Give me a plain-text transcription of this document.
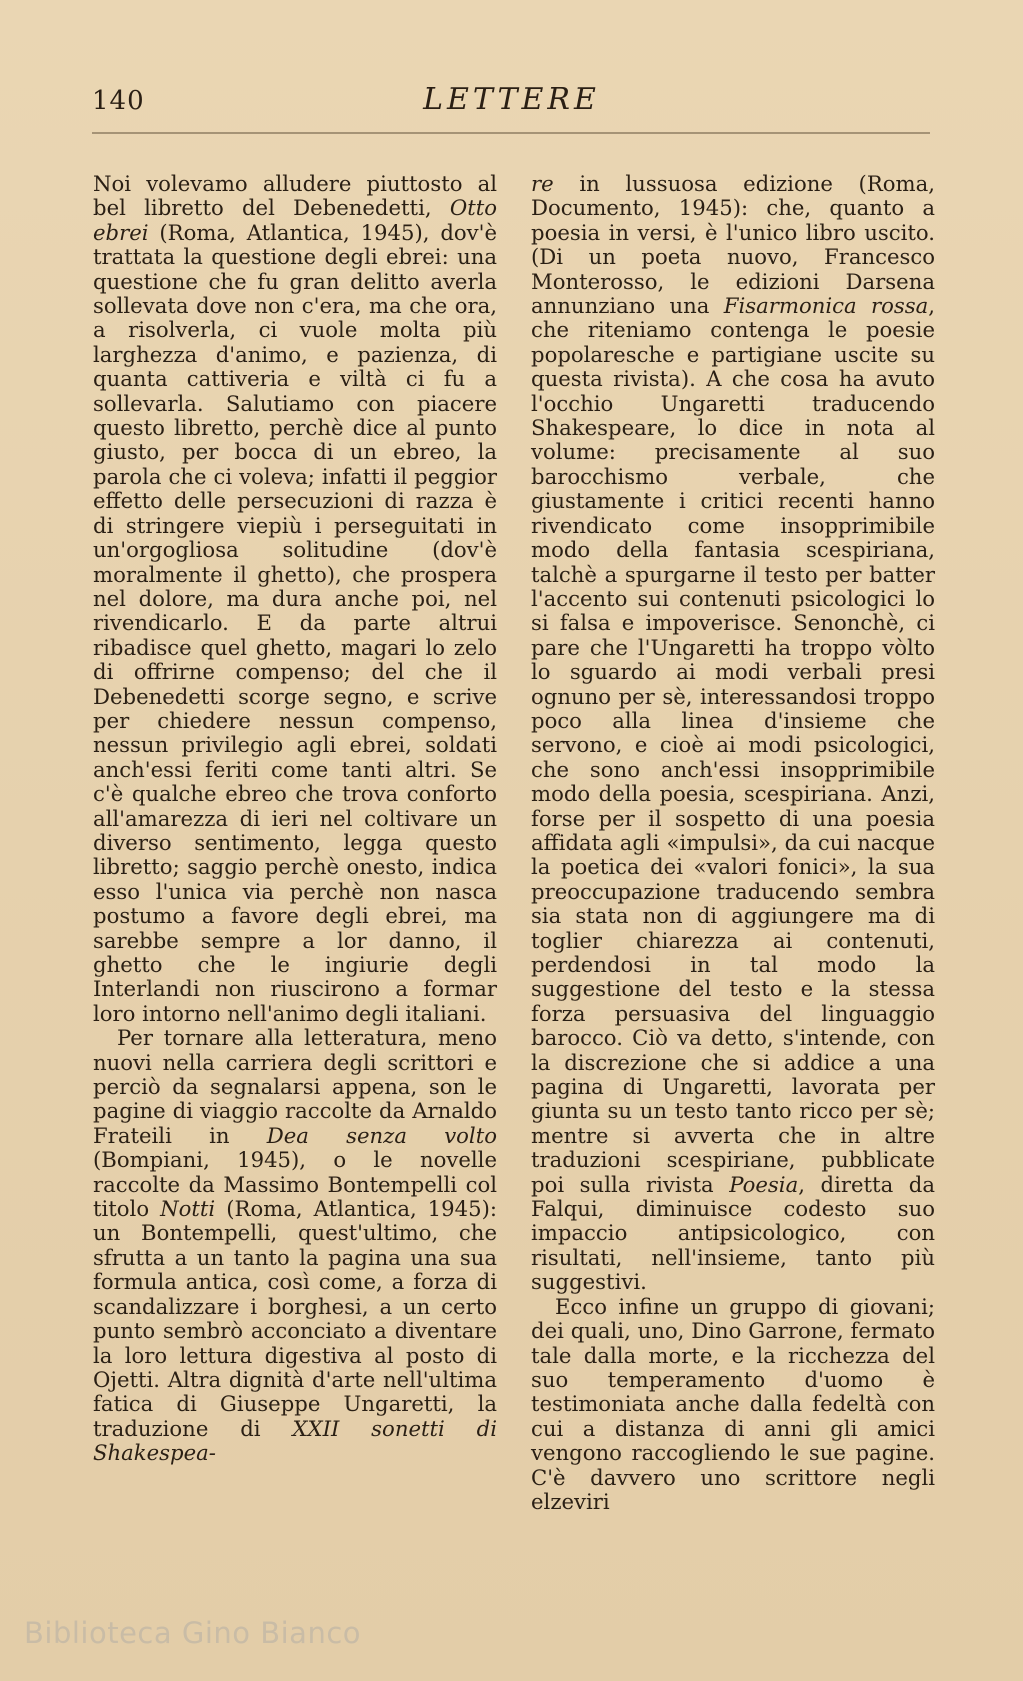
140	LETTERE

Noi volevamo alludere piuttosto al bel libretto del Debenedetti, Otto ebrei (Roma, Atlantica, 1945), dov'è trattata la questione degli ebrei: una questione che fu gran delitto averla sollevata dove non c'era, ma che ora, a risolverla, ci vuole molta più larghezza d'animo, e pazienza, di quanta cattiveria e viltà ci fu a sollevarla. Salutiamo con piacere questo libretto, perchè dice al punto giusto, per bocca di un ebreo, la parola che ci voleva; infatti il peggior effetto delle persecuzioni di razza è di stringere viepiù i perseguitati in un'orgogliosa solitudine (dov'è moralmente il ghetto), che prospera nel dolore, ma dura anche poi, nel rivendicarlo. E da parte altrui ribadisce quel ghetto, magari lo zelo di offrirne compenso; del che il Debenedetti scorge segno, e scrive per chiedere nessun compenso, nessun privilegio agli ebrei, soldati anch'essi feriti come tanti altri. Se c'è qualche ebreo che trova conforto all'amarezza di ieri nel coltivare un diverso sentimento, legga questo libretto; saggio perchè onesto, indica esso l'unica via perchè non nasca postumo a favore degli ebrei, ma sarebbe sempre a lor danno, il ghetto che le ingiurie degli Interlandi non riuscirono a formar loro intorno nell'animo degli italiani.

Per tornare alla letteratura, meno nuovi nella carriera degli scrittori e perciò da segnalarsi appena, son le pagine di viaggio raccolte da Arnaldo Frateili in Dea senza volto (Bompiani, 1945), o le novelle raccolte da Massimo Bontempelli col titolo Notti (Roma, Atlantica, 1945): un Bontempelli, quest'ultimo, che sfrutta a un tanto la pagina una sua formula antica, così come, a forza di scandalizzare i borghesi, a un certo punto sembrò acconciato a diventare la loro lettura digestiva al posto di Ojetti. Altra dignità d'arte nell'ultima fatica di Giuseppe Ungaretti, la traduzione di XXII sonetti di Shakespea-

re in lussuosa edizione (Roma, Documento, 1945): che, quanto a poesia in versi, è l'unico libro uscito. (Di un poeta nuovo, Francesco Monterosso, le edizioni Darsena annunziano una Fisarmonica rossa, che riteniamo contenga le poesie popolaresche e partigiane uscite su questa rivista). A che cosa ha avuto l'occhio Ungaretti traducendo Shakespeare, lo dice in nota al volume: precisamente al suo barocchismo verbale, che giustamente i critici recenti hanno rivendicato come insopprimibile modo della fantasia scespiriana, talchè a spurgarne il testo per batter l'accento sui contenuti psicologici lo si falsa e impoverisce. Senonchè, ci pare che l'Ungaretti ha troppo vòlto lo sguardo ai modi verbali presi ognuno per sè, interessandosi troppo poco alla linea d'insieme che servono, e cioè ai modi psicologici, che sono anch'essi insopprimibile modo della poesia, scespiriana. Anzi, forse per il sospetto di una poesia affidata agli «impulsi», da cui nacque la poetica dei «valori fonici», la sua preoccupazione traducendo sembra sia stata non di aggiungere ma di toglier chiarezza ai contenuti, perdendosi in tal modo la suggestione del testo e la stessa forza persuasiva del linguaggio barocco. Ciò va detto, s'intende, con la discrezione che si addice a una pagina di Ungaretti, lavorata per giunta su un testo tanto ricco per sè; mentre si avverta che in altre traduzioni scespiriane, pubblicate poi sulla rivista Poesia, diretta da Falqui, diminuisce codesto suo impaccio antipsicologico, con risultati, nell'insieme, tanto più suggestivi.

Ecco infine un gruppo di giovani; dei quali, uno, Dino Garrone, fermato tale dalla morte, e la ricchezza del suo temperamento d'uomo è testimoniata anche dalla fedeltà con cui a distanza di anni gli amici vengono raccogliendo le sue pagine. C'è davvero uno scrittore negli elzeviri

Biblioteca Gino Bianco
